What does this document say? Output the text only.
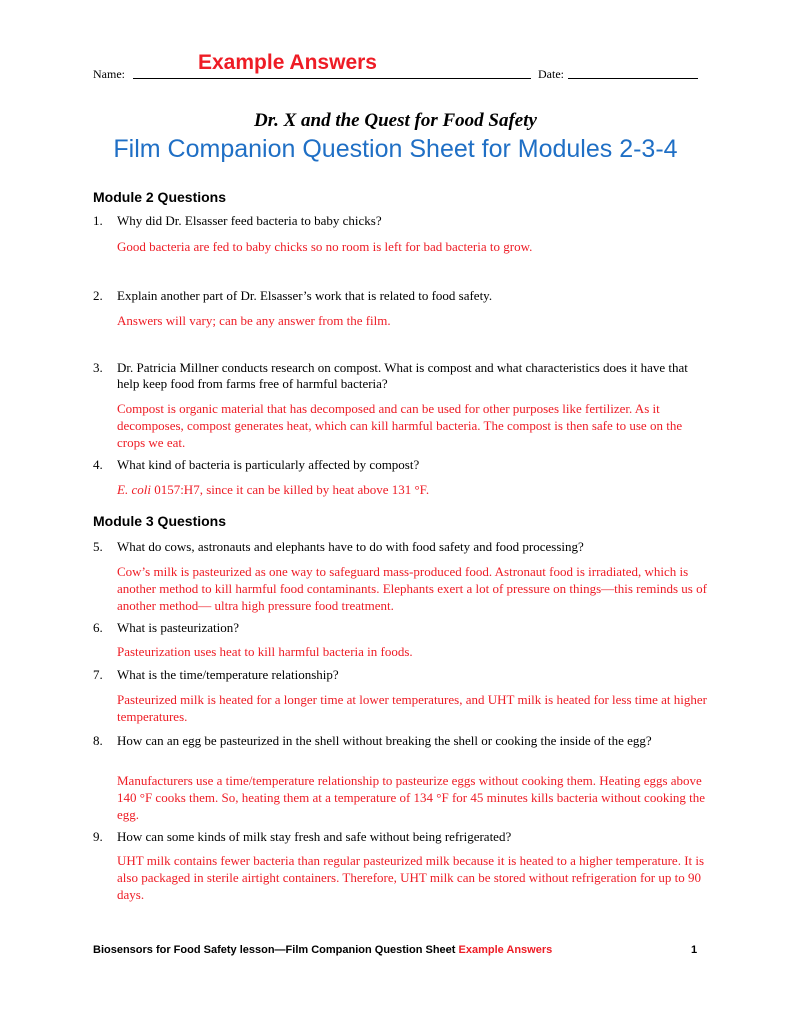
Name:	Example Answers	Date:
Dr. X and the Quest for Food Safety
Film Companion Question Sheet for Modules 2-3-4
Module 2 Questions
1. Why did Dr. Elsasser feed bacteria to baby chicks?
Good bacteria are fed to baby chicks so no room is left for bad bacteria to grow.
2. Explain another part of Dr. Elsasser’s work that is related to food safety.
Answers will vary; can be any answer from the film.
3. Dr. Patricia Millner conducts research on compost. What is compost and what characteristics does it have that help keep food from farms free of harmful bacteria?
Compost is organic material that has decomposed and can be used for other purposes like fertilizer. As it decomposes, compost generates heat, which can kill harmful bacteria. The compost is then safe to use on the crops we eat.
4. What kind of bacteria is particularly affected by compost?
E. coli 0157:H7, since it can be killed by heat above 131 °F.
Module 3 Questions
5. What do cows, astronauts and elephants have to do with food safety and food processing?
Cow’s milk is pasteurized as one way to safeguard mass-produced food. Astronaut food is irradiated, which is another method to kill harmful food contaminants. Elephants exert a lot of pressure on things—this reminds us of another method— ultra high pressure food treatment.
6. What is pasteurization?
Pasteurization uses heat to kill harmful bacteria in foods.
7. What is the time/temperature relationship?
Pasteurized milk is heated for a longer time at lower temperatures, and UHT milk is heated for less time at higher temperatures.
8. How can an egg be pasteurized in the shell without breaking the shell or cooking the inside of the egg?
Manufacturers use a time/temperature relationship to pasteurize eggs without cooking them. Heating eggs above 140 °F cooks them. So, heating them at a temperature of 134 °F for 45 minutes kills bacteria without cooking the egg.
9. How can some kinds of milk stay fresh and safe without being refrigerated?
UHT milk contains fewer bacteria than regular pasteurized milk because it is heated to a higher temperature. It is also packaged in sterile airtight containers. Therefore, UHT milk can be stored without refrigeration for up to 90 days.
Biosensors for Food Safety lesson—Film Companion Question Sheet Example Answers	1
